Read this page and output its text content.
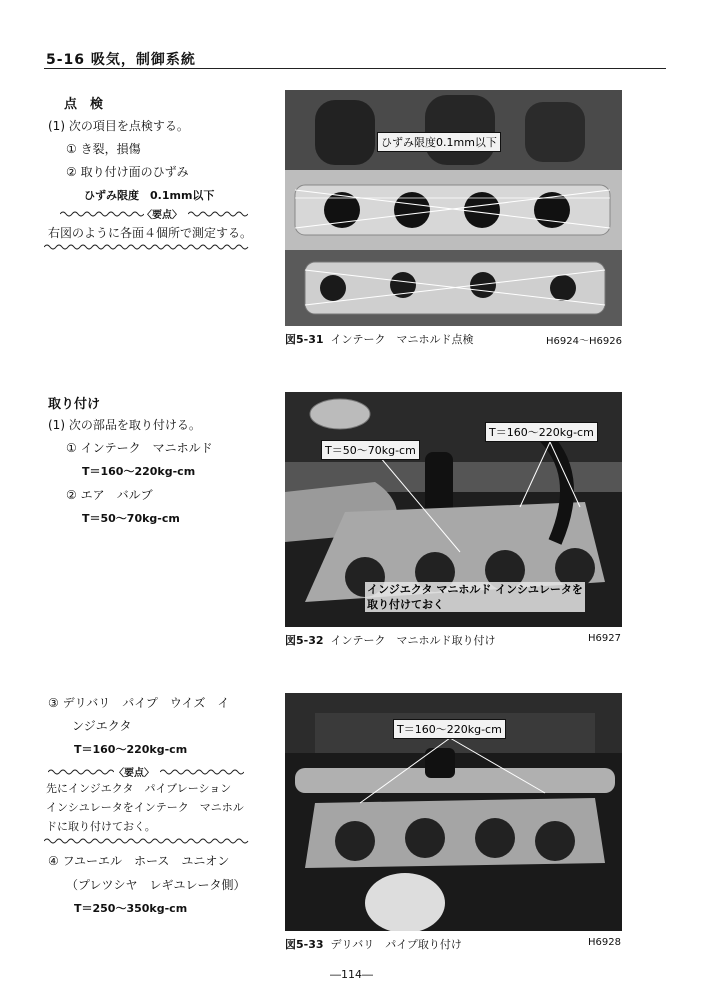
5-16 吸気，制御系統
点　検
(1) 次の項目を点検する。
① き裂，損傷
② 取り付け面のひずみ
ひずみ限度　0.1mm以下
〈要点〉
右図のように各面４個所で測定する。
ひずみ限度0.1mm以下
図5-31 インテーク　マニホルド点検	H6924～H6926
取り付け
(1) 次の部品を取り付ける。
① インテーク　マニホルド
T＝160～220kg-cm
② エア　バルブ
T＝50～70kg-cm
T＝50～70kg-cm
T＝160～220kg-cm
インジエクタ マニホルド インシユレータを
取り付けておく
図5-32 インテーク　マニホルド取り付け	H6927
③ デリバリ　パイプ　ウイズ　イ
ンジエクタ
T＝160～220kg-cm
〈要点〉
先にインジエクタ　パイブレーション
インシユレータをインテーク　マニホル
ドに取り付けておく。
④ フユーエル　ホース　ユニオン
（プレツシヤ　レギユレータ側）
T＝250～350kg-cm
T＝160～220kg-cm
図5-33 デリバリ　パイプ取り付け	H6928
―114―
